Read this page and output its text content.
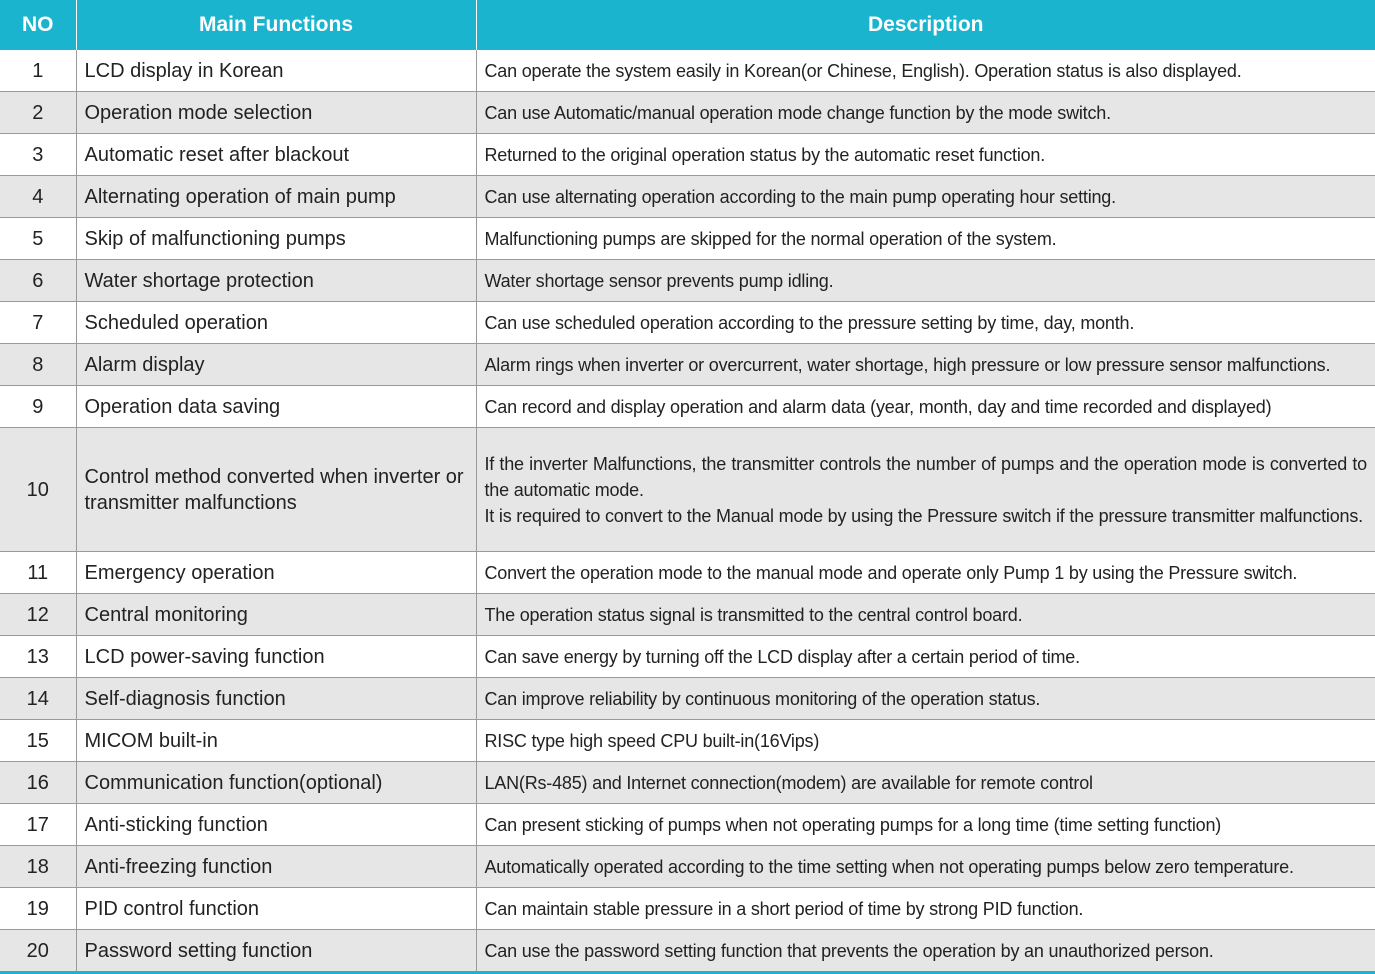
NO	Main Functions	Description
1	LCD display in Korean	Can operate the system easily in Korean(or Chinese, English). Operation status is also displayed.
2	Operation mode selection	Can use Automatic/manual operation mode change function by the mode switch.
3	Automatic reset after blackout	Returned to the original operation status by the automatic reset function.
4	Alternating operation of main pump	Can use alternating operation according to the main pump operating hour setting.
5	Skip of malfunctioning pumps	Malfunctioning pumps are skipped for the normal operation of the system.
6	Water shortage protection	Water shortage sensor prevents pump idling.
7	Scheduled operation	Can use scheduled operation according to the pressure setting by time, day, month.
8	Alarm display	Alarm rings when inverter or overcurrent, water shortage, high pressure or low pressure sensor malfunctions.
9	Operation data saving	Can record and display operation and alarm data (year, month, day and time recorded and displayed)
10	Control method converted when inverter or transmitter malfunctions	If the inverter Malfunctions, the transmitter controls the number of pumps and the operation mode is converted to the automatic mode.
It is required to convert to the Manual mode by using the Pressure switch if the pressure transmitter malfunctions.

11	Emergency operation	Convert the operation mode to the manual mode and operate only Pump 1 by using the Pressure switch.
12	Central monitoring	The operation status signal is transmitted to the central control board.
13	LCD power-saving function	Can save energy by turning off the LCD display after a certain period of time.
14	Self-diagnosis function	Can improve reliability by continuous monitoring of the operation status.
15	MICOM built-in	RISC type high speed CPU built-in(16Vips)
16	Communication function(optional)	LAN(Rs-485) and Internet connection(modem) are available for remote control
17	Anti-sticking function	Can present sticking of pumps when not operating pumps for a long time (time setting function)
18	Anti-freezing function	Automatically operated according to the time setting when not operating pumps below zero temperature.
19	PID control function	Can maintain stable pressure in a short period of time by strong PID function.
20	Password setting function	Can use the password setting function that prevents the operation by an unauthorized person.
